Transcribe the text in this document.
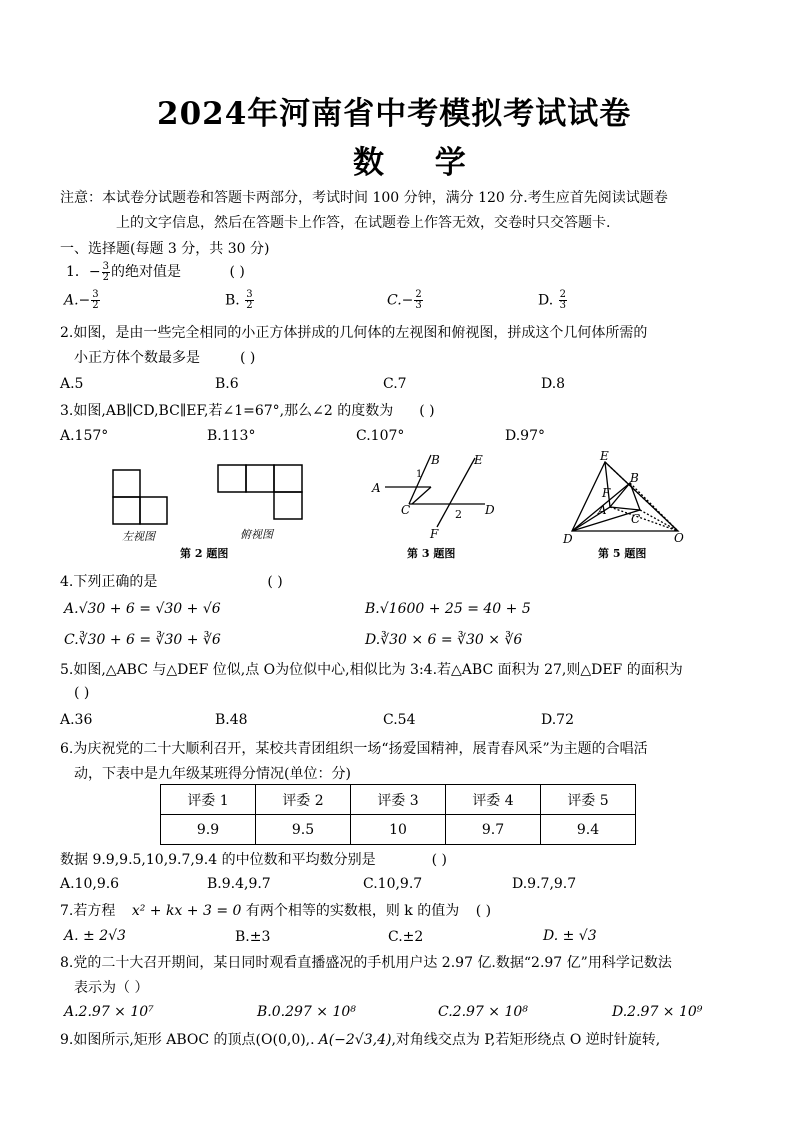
2024年河南省中考模拟考试试卷
数 学
注意：本试卷分试题卷和答题卡两部分，考试时间 100 分钟，满分 120 分.考生应首先阅读试题卷
上的文字信息，然后在答题卡上作答，在试题卷上作答无效，交卷时只交答题卡.
一、选择题(每题 3 分，共 30 分)
1．− $\frac{3}{2}$ 的绝对值是	( )
$A.- \frac{3}{2}$	B. $\frac{3}{2}$	$C.- \frac{2}{3}$	D. $\frac{2}{3}$
2.如图，是由一些完全相同的小正方体拼成的几何体的左视图和俯视图，拼成这个几何体所需的
小正方体个数最多是	( )
A.5	B.6	C.7	D.8
3.如图,AB∥CD,BC∥EF,若∠1=67°,那么∠2 的度数为 ( )
A.157°	B.113°	C.107°	D.97°
左视图	俯视图
第 2 题图
A
B	E
1
C	2 D
F
第 3 题图
E
F
B
A
C
D	O
第 5 题图
4.下列正确的是	( )
A.√30 + 6 = √30 + √6	B.√1600 + 25 = 40 + 5
C.∛30 + 6 = ∛30 + ∛6	D.∛30 × 6 = ∛30 × ∛6
5.如图,△ABC 与△DEF 位似,点 O为位似中心,相似比为 3:4.若△ABC 面积为 27,则△DEF 的面积为
( )
A.36	B.48	C.54	D.72
6.为庆祝党的二十大顺利召开，某校共青团组织一场“扬爱国精神，展青春风采”为主题的合唱活
动，下表中是九年级某班得分情况(单位：分)
评委 1	评委 2	评委 3	评委 4	评委 5
9.9	9.5	10	9.7	9.4
数据 9.9,9.5,10,9.7,9.4 的中位数和平均数分别是	( )
A.10,9.6	B.9.4,9.7	C.10,9.7	D.9.7,9.7
7.若方程 x² + kx + 3 = 0 有两个相等的实数根，则 k 的值为 ( )
A. ± 2√3	B.±3	C.±2	D. ± √3
8.党的二十大召开期间，某日同时观看直播盛况的手机用户达 2.97 亿.数据“2.97 亿”用科学记数法
表示为（ ）
A.2.97 × 10⁷	B.0.297 × 10⁸	C.2.97 × 10⁸	D.2.97 × 10⁹
9.如图所示,矩形 ABOC 的顶点(O(0,0),. A(−2√3,4),对角线交点为 P,若矩形绕点 O 逆时针旋转,
